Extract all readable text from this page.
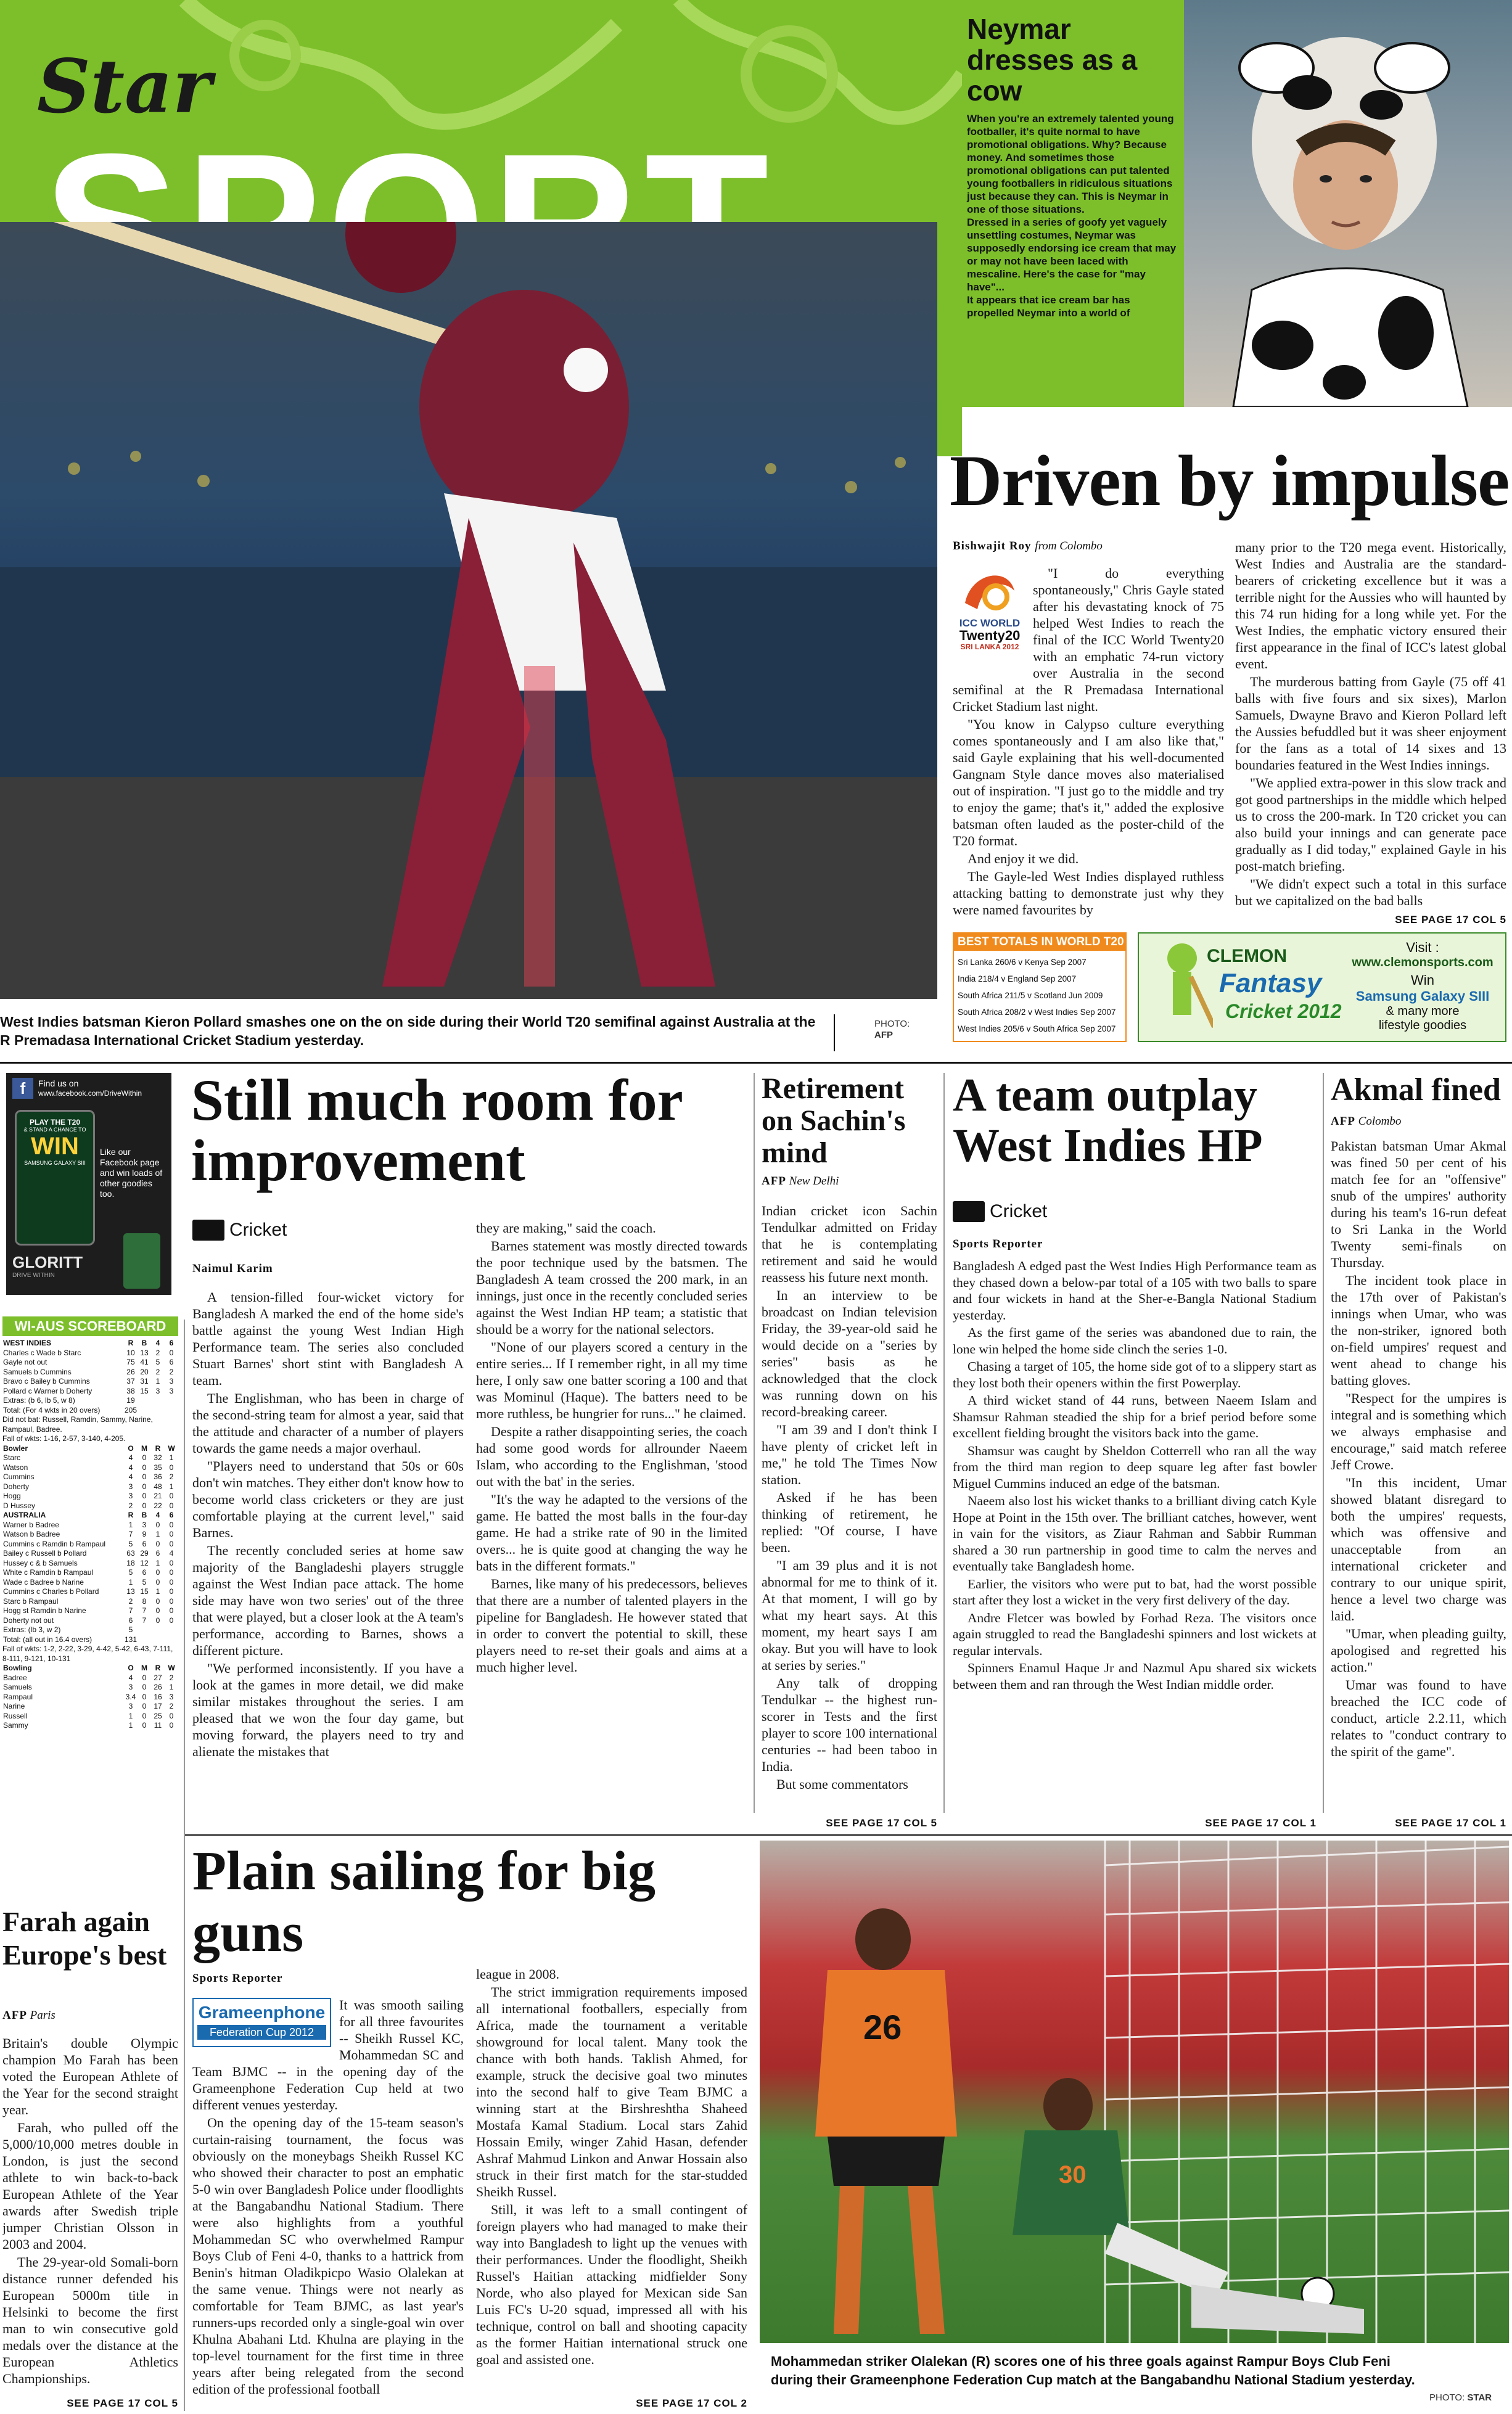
Star
Neymar dresses as a cow
When you're an extremely talented young footballer, it's quite normal to have promotional obligations. Why? Because money. And sometimes those promotional obligations can put talented young footballers in ridiculous situations just because they can. This is Neymar in one of those situations.
Dressed in a series of goofy yet vaguely unsettling costumes, Neymar was supposedly endorsing ice cream that may or may not have been laced with mescaline. Here's the case for "may have"...
It appears that ice cream bar has propelled Neymar into a world of
West Indies batsman Kieron Pollard smashes one on the on side during their World T20 semifinal against Australia at the R Premadasa International Cricket Stadium yesterday.
PHOTO:
AFP
Driven by impulse
Bishwajit Roy from Colombo
ICC WORLD
Twenty20
SRI LANKA 2012

"I do everything spontaneously," Chris Gayle stated after his devastating knock of 75 helped West Indies to reach the final of the ICC World Twenty20 with an emphatic 74-run victory over Australia in the second semifinal at the R Premadasa International Cricket Stadium last night.

"You know in Calypso culture everything comes spontaneously and I am also like that," said Gayle explaining that his well-documented Gangnam Style dance moves also materialised out of inspiration. "I just go to the middle and try to enjoy the game; that's it," added the explosive batsman often lauded as the poster-child of the T20 format.

And enjoy it we did.

The Gayle-led West Indies displayed ruthless attacking batting to demonstrate just why they were named favourites by

many prior to the T20 mega event. Historically, West Indies and Australia are the standard-bearers of cricketing excellence but it was a terrible night for the Aussies who will haunted by this 74 run hiding for a long while yet. For the West Indies, the emphatic victory ensured their first appearance in the final of ICC's latest global event.

The murderous batting from Gayle (75 off 41 balls with five fours and six sixes), Marlon Samuels, Dwayne Bravo and Kieron Pollard left the Aussies befuddled but it was sheer enjoyment for the fans as a total of 14 sixes and 13 boundaries featured in the West Indies innings.

"We applied extra-power in this slow track and got good partnerships in the middle which helped us to cross the 200-mark. In T20 cricket you can also build your innings and can generate pace gradually as I did today," explained Gayle in his post-match briefing.

"We didn't expect such a total in this surface but we capitalized on the bad balls

SEE PAGE 17 COL 5
BEST TOTALS IN WORLD T20
Sri Lanka 260/6 v Kenya Sep 2007
India 218/4 v England Sep 2007
South Africa 211/5 v Scotland Jun 2009
South Africa 208/2 v West Indies Sep 2007
West Indies 205/6 v South Africa Sep 2007
CLEMON
Fantasy
Cricket 2012
Visit :
www.clemonsports.com
Win
Samsung Galaxy SIII
& many more
lifestyle goodies
f	Find us on
www.facebook.com/DriveWithin
PLAY THE T20
& STAND A CHANCE TO
WIN
SAMSUNG GALAXY SIII
Like our Facebook page and win loads of other goodies too.
GLORITT
DRIVE WITHIN
WI-AUS SCOREBOARD
WEST INDIES	R	B	4	6
Charles c Wade b Starc	10	13	2	0
Gayle not out	75	41	5	6
Samuels b Cummins	26	20	2	2
Bravo c Bailey b Cummins	37	31	1	3
Pollard c Warner b Doherty	38	15	3	3
Extras: (b 6, lb 5, w 8)	19			
Total: (For 4 wkts in 20 overs)	205			
Did not bat: Russell, Ramdin, Sammy, Narine, Rampaul, Badree.
Fall of wkts: 1-16, 2-57, 3-140, 4-205.
Bowler	O	M	R	W
Starc	4	0	32	1
Watson	4	0	35	0
Cummins	4	0	36	2
Doherty	3	0	48	1
Hogg	3	0	21	0
D Hussey	2	0	22	0
AUSTRALIA	R	B	4	6
Warner b Badree	1	3	0	0
Watson b Badree	7	9	1	0
Cummins c Ramdin b Rampaul	5	6	0	0
Bailey c Russell b Pollard	63	29	6	4
Hussey c & b Samuels	18	12	1	0
White c Ramdin b Rampaul	5	6	0	0
Wade c Badree b Narine	1	5	0	0
Cummins c Charles b Pollard	13	15	1	0
Starc b Rampaul	2	8	0	0
Hogg st Ramdin b Narine	7	7	0	0
Doherty not out	6	7	0	0
Extras: (lb 3, w 2)	5			
Total: (all out in 16.4 overs)	131			
Fall of wkts: 1-2, 2-22, 3-29, 4-42, 5-42, 6-43, 7-111, 8-111, 9-121, 10-131
Bowling	O	M	R	W
Badree	4	0	27	2
Samuels	3	0	26	1
Rampaul	3.4	0	16	3
Narine	3	0	17	2
Russell	1	0	25	0
Sammy	1	0	11	0
Still much room for improvement
Cricket
Naimul Karim

A tension-filled four-wicket victory for Bangladesh A marked the end of the home side's battle against the young West Indian High Performance team. The series also concluded Stuart Barnes' short stint with Bangladesh A team.

The Englishman, who has been in charge of the second-string team for almost a year, said that the attitude and character of a number of players towards the game needs a major overhaul.

"Players need to understand that 50s or 60s don't win matches. They either don't know how to become world class cricketers or they are just comfortable playing at the current level," said Barnes.

The recently concluded series at home saw majority of the Bangladeshi players struggle against the West Indian pace attack. The home side may have won two series' out of the three that were played, but a closer look at the A team's performance, according to Barnes, shows a different picture.

"We performed inconsistently. If you have a look at the games in more detail, we did make similar mistakes throughout the series. I am pleased that we won the four day game, but moving forward, the players need to try and alienate the mistakes that

they are making," said the coach.

Barnes statement was mostly directed towards the poor technique used by the batsmen. The Bangladesh A team crossed the 200 mark, in an innings, just once in the recently concluded series against the West Indian HP team; a statistic that should be a worry for the national selectors.

"None of our players scored a century in the entire series... If I remember right, in all my time here, I only saw one batter scoring a 100 and that was Mominul (Haque). The batters need to be more ruthless, be hungrier for runs..." he claimed.

Despite a rather disappointing series, the coach had some good words for allrounder Naeem Islam, who according to the Englishman, 'stood out with the bat' in the series.

"It's the way he adapted to the versions of the game. He batted the most balls in the four-day game. He had a strike rate of 90 in the limited overs... he is quite good at changing the way he bats in the different formats."

Barnes, like many of his predecessors, believes that there are a number of talented players in the pipeline for Bangladesh. He however stated that in order to convert the potential to skill, these players need to re-set their goals and aims at a much higher level.

Retirement on Sachin's mind
AFP New Delhi

Indian cricket icon Sachin Tendulkar admitted on Friday that he is contemplating retirement and said he would reassess his future next month.

In an interview to be broadcast on Indian television Friday, the 39-year-old said he would decide on a "series by series" basis as he acknowledged that the clock was running down on his record-breaking career.

"I am 39 and I don't think I have plenty of cricket left in me," he told The Times Now station.

Asked if he has been thinking of retirement, he replied: "Of course, I have been.

"I am 39 plus and it is not abnormal for me to think of it. At that moment, I will go by what my heart says. At this moment, my heart says I am okay. But you will have to look at series by series."

Any talk of dropping Tendulkar -- the highest run-scorer in Tests and the first player to score 100 international centuries -- had been taboo in India.

But some commentators

SEE PAGE 17 COL 5
A team outplay West Indies HP
Cricket
Sports Reporter

Bangladesh A edged past the West Indies High Performance team as they chased down a below-par total of a 105 with two balls to spare and four wickets in hand at the Sher-e-Bangla National Stadium yesterday.

As the first game of the series was abandoned due to rain, the lone win helped the home side clinch the series 1-0.

Chasing a target of 105, the home side got of to a slippery start as they lost both their openers within the first Powerplay.

A third wicket stand of 44 runs, between Naeem Islam and Shamsur Rahman steadied the ship for a brief period before some excellent fielding brought the visitors back into the game.

Shamsur was caught by Sheldon Cotterrell who ran all the way from the third man region to deep square leg after fast bowler Miguel Cummins induced an edge of the batsman.

Naeem also lost his wicket thanks to a brilliant diving catch Kyle Hope at Point in the 15th over. The brilliant catches, however, went in vain for the visitors, as Ziaur Rahman and Sabbir Rumman shared a 30 run partnership in good time to calm the nerves and eventually take Bangladesh home.

Earlier, the visitors who were put to bat, had the worst possible start after they lost a wicket in the very first delivery of the day.

Andre Fletcer was bowled by Forhad Reza. The visitors once again struggled to read the Bangladeshi spinners and lost wickets at regular intervals.

Spinners Enamul Haque Jr and Nazmul Apu shared six wickets between them and ran through the West Indian middle order.

SEE PAGE 17 COL 1
Akmal fined
AFP Colombo

Pakistan batsman Umar Akmal was fined 50 per cent of his match fee for an "offensive" snub of the umpires' authority during his team's 16-run defeat to Sri Lanka in the World Twenty semi-finals on Thursday.

The incident took place in the 17th over of Pakistan's innings when Umar, who was the non-striker, ignored both on-field umpires' request and went ahead to change his batting gloves.

"Respect for the umpires is integral and is something which we always emphasise and encourage," said match referee Jeff Crowe.

"In this incident, Umar showed blatant disregard to both the umpires' requests, which was offensive and unacceptable from an international cricketer and contrary to our unique spirit, hence a level two charge was laid.

"Umar, when pleading guilty, apologised and regretted his action."

Umar was found to have breached the ICC code of conduct, article 2.2.11, which relates to "conduct contrary to the spirit of the game".

SEE PAGE 17 COL 1
Farah again Europe's best
AFP Paris

Britain's double Olympic champion Mo Farah has been voted the European Athlete of the Year for the second straight year.

Farah, who pulled off the 5,000/10,000 metres double in London, is just the second athlete to win back-to-back European Athlete of the Year awards after Swedish triple jumper Christian Olsson in 2003 and 2004.

The 29-year-old Somali-born distance runner defended his European 5000m title in Helsinki to become the first man to win consecutive gold medals over the distance at the European Athletics Championships.

SEE PAGE 17 COL 5
Plain sailing for big guns
Sports Reporter
Grameenphone
Federation Cup 2012

It was smooth sailing for all three favourites -- Sheikh Russel KC, Mohammedan SC and Team BJMC -- in the opening day of the Grameenphone Federation Cup held at two different venues yesterday.

On the opening day of the 15-team season's curtain-raising tournament, the focus was obviously on the moneybags Sheikh Russel KC who showed their character to post an emphatic 5-0 win over Bangladesh Police under floodlights at the Bangabandhu National Stadium. There were also highlights from a youthful Mohammedan SC who overwhelmed Rampur Boys Club of Feni 4-0, thanks to a hattrick from Benin's hitman Oladikpicpo Wasio Olalekan at the same venue. Things were not nearly as comfortable for Team BJMC, as last year's runners-ups recorded only a single-goal win over Khulna Abahani Ltd. Khulna are playing in the top-level tournament for the first time in three years after being relegated from the second edition of the professional football

league in 2008.

The strict immigration requirements imposed all international footballers, especially from Africa, made the tournament a veritable showground for local talent. Many took the chance with both hands. Taklish Ahmed, for example, struck the decisive goal two minutes into the second half to give Team BJMC a winning start at the Birshreshtha Shaheed Mostafa Kamal Stadium. Local stars Zahid Hossain Emily, winger Zahid Hasan, defender Ashraf Mahmud Linkon and Anwar Hossain also struck in their first match for the star-studded Sheikh Russel.

Still, it was left to a small contingent of foreign players who had managed to make their way into Bangladesh to light up the venues with their performances. Under the floodlight, Sheikh Russel's Haitian attacking midfielder Sony Norde, who also played for Mexican side San Luis FC's U-20 squad, impressed all with his technique, control on ball and shooting capacity as the former Haitian international struck one goal and assisted one.

SEE PAGE 17 COL 2
26
30
Mohammedan striker Olalekan (R) scores one of his three goals against Rampur Boys Club Feni during their Grameenphone Federation Cup match at the Bangabandhu National Stadium yesterday.
PHOTO: STAR
